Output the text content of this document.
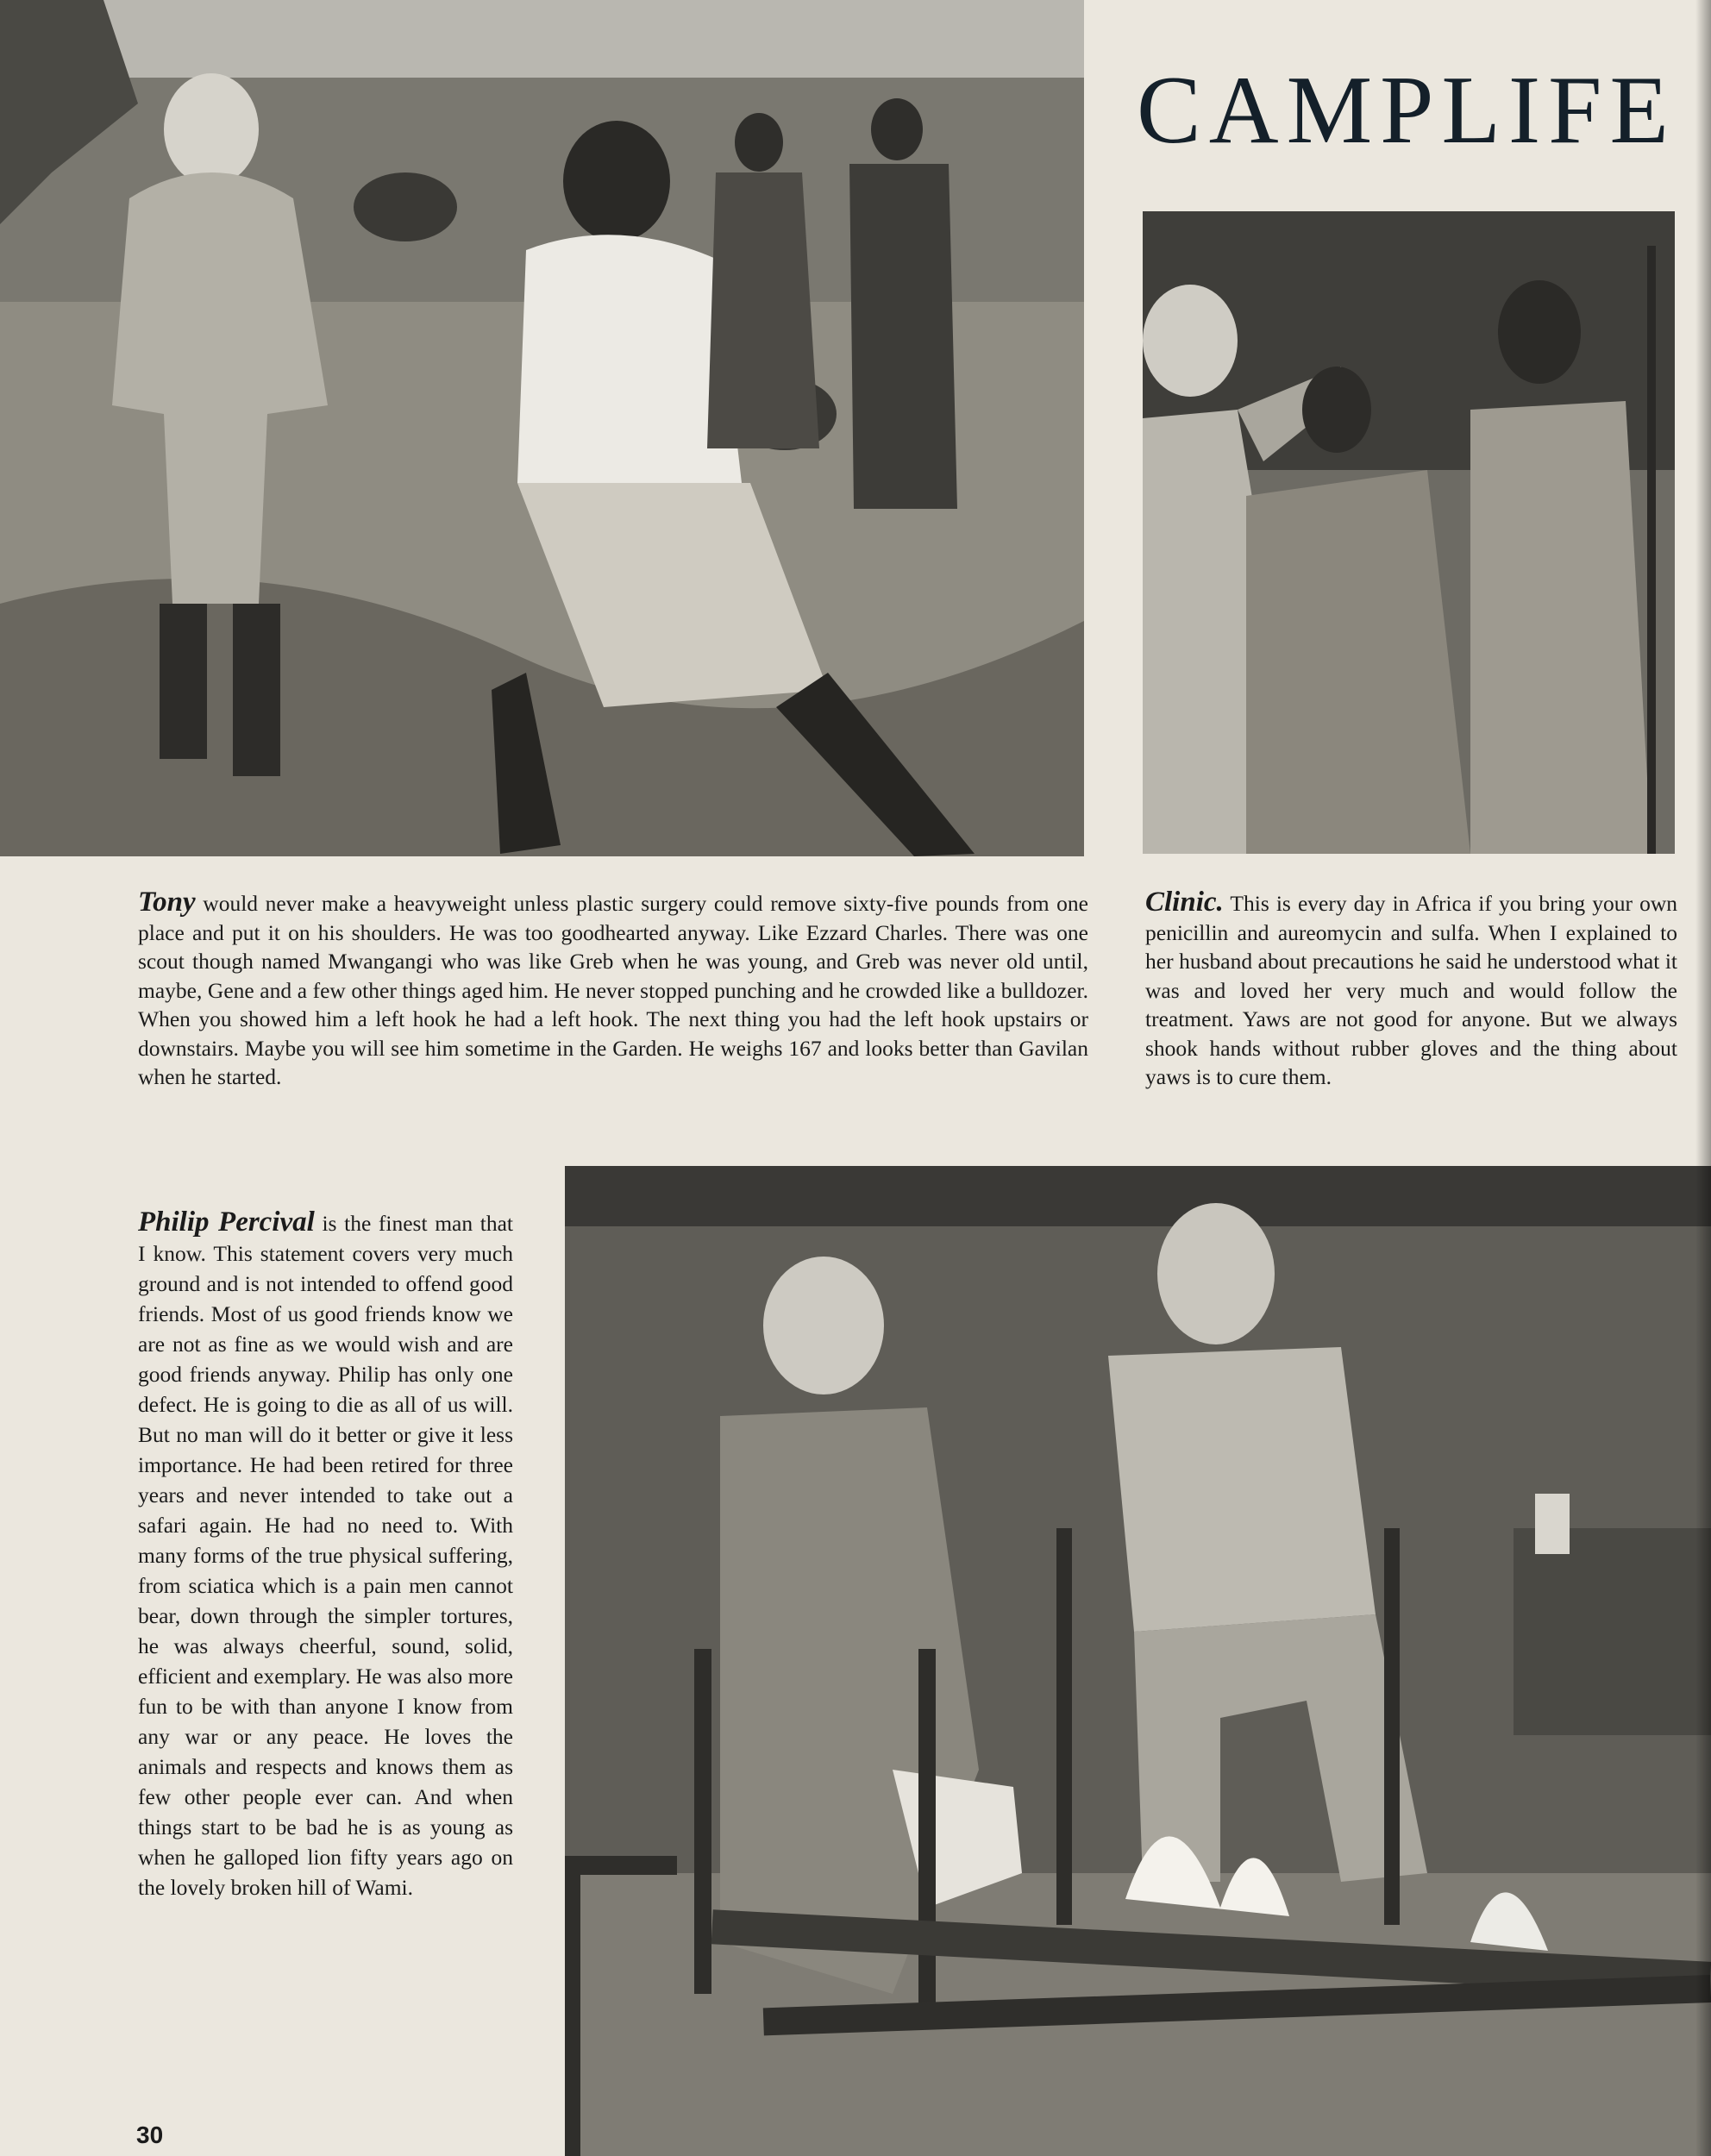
CAMPLIFE

Tony would never make a heavyweight unless plastic surgery could remove sixty-five pounds from one place and put it on his shoulders. He was too goodhearted anyway. Like Ezzard Charles. There was one scout though named Mwangangi who was like Greb when he was young, and Greb was never old until, maybe, Gene and a few other things aged him. He never stopped punching and he crowded like a bulldozer. When you showed him a left hook he had a left hook. The next thing you had the left hook upstairs or downstairs. Maybe you will see him sometime in the Garden. He weighs 167 and looks better than Gavilan when he started.

Clinic. This is every day in Africa if you bring your own penicillin and aureomycin and sulfa. When I explained to her husband about precautions he said he understood what it was and loved her very much and would follow the treatment. Yaws are not good for anyone. But we always shook hands without rubber gloves and the thing about yaws is to cure them.

Philip Percival is the finest man that I know. This statement covers very much ground and is not intended to offend good friends. Most of us good friends know we are not as fine as we would wish and are good friends anyway. Philip has only one defect. He is going to die as all of us will. But no man will do it better or give it less importance. He had been retired for three years and never intended to take out a safari again. He had no need to. With many forms of the true physical suffering, from sciatica which is a pain men cannot bear, down through the simpler tortures, he was always cheerful, sound, solid, efficient and exemplary. He was also more fun to be with than anyone I know from any war or any peace. He loves the animals and respects and knows them as few other people ever can. And when things start to be bad he is as young as when he galloped lion fifty years ago on the lovely broken hill of Wami.

30
